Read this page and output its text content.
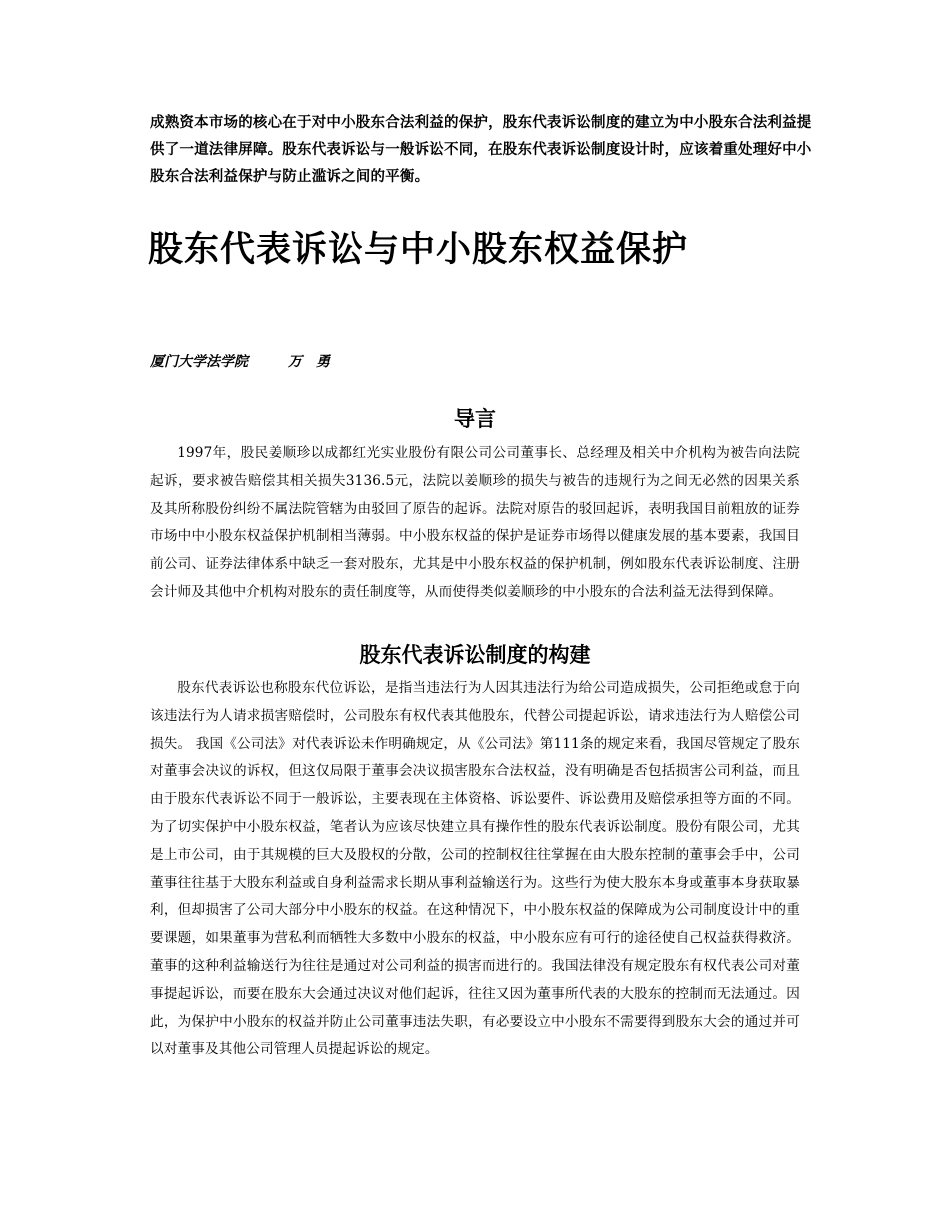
成熟资本市场的核心在于对中小股东合法利益的保护，股东代表诉讼制度的建立为中小股东合法利益提供了一道法律屏障。股东代表诉讼与一般诉讼不同，在股东代表诉讼制度设计时，应该着重处理好中小股东合法利益保护与防止滥诉之间的平衡。

股东代表诉讼与中小股东权益保护
厦门大学法学院	万勇
导言

1997年，股民姜顺珍以成都红光实业股份有限公司公司董事长、总经理及相关中介机构为被告向法院起诉，要求被告赔偿其相关损失3136.5元，法院以姜顺珍的损失与被告的违规行为之间无必然的因果关系及其所称股份纠纷不属法院管辖为由驳回了原告的起诉。法院对原告的驳回起诉，表明我国目前粗放的证券市场中中小股东权益保护机制相当薄弱。中小股东权益的保护是证券市场得以健康发展的基本要素，我国目前公司、证券法律体系中缺乏一套对股东，尤其是中小股东权益的保护机制，例如股东代表诉讼制度、注册会计师及其他中介机构对股东的责任制度等，从而使得类似姜顺珍的中小股东的合法利益无法得到保障。

股东代表诉讼制度的构建

股东代表诉讼也称股东代位诉讼，是指当违法行为人因其违法行为给公司造成损失，公司拒绝或怠于向该违法行为人请求损害赔偿时，公司股东有权代表其他股东，代替公司提起诉讼，请求违法行为人赔偿公司损失。 我国《公司法》对代表诉讼未作明确规定，从《公司法》第111条的规定来看，我国尽管规定了股东对董事会决议的诉权，但这仅局限于董事会决议损害股东合法权益，没有明确是否包括损害公司利益，而且由于股东代表诉讼不同于一般诉讼，主要表现在主体资格、诉讼要件、诉讼费用及赔偿承担等方面的不同。为了切实保护中小股东权益，笔者认为应该尽快建立具有操作性的股东代表诉讼制度。股份有限公司，尤其是上市公司，由于其规模的巨大及股权的分散，公司的控制权往往掌握在由大股东控制的董事会手中，公司董事往往基于大股东利益或自身利益需求长期从事利益输送行为。这些行为使大股东本身或董事本身获取暴利，但却损害了公司大部分中小股东的权益。在这种情况下，中小股东权益的保障成为公司制度设计中的重要课题，如果董事为营私利而牺牲大多数中小股东的权益，中小股东应有可行的途径使自己权益获得救济。董事的这种利益输送行为往往是通过对公司利益的损害而进行的。我国法律没有规定股东有权代表公司对董事提起诉讼，而要在股东大会通过决议对他们起诉，往往又因为董事所代表的大股东的控制而无法通过。因此，为保护中小股东的权益并防止公司董事违法失职，有必要设立中小股东不需要得到股东大会的通过并可以对董事及其他公司管理人员提起诉讼的规定。
